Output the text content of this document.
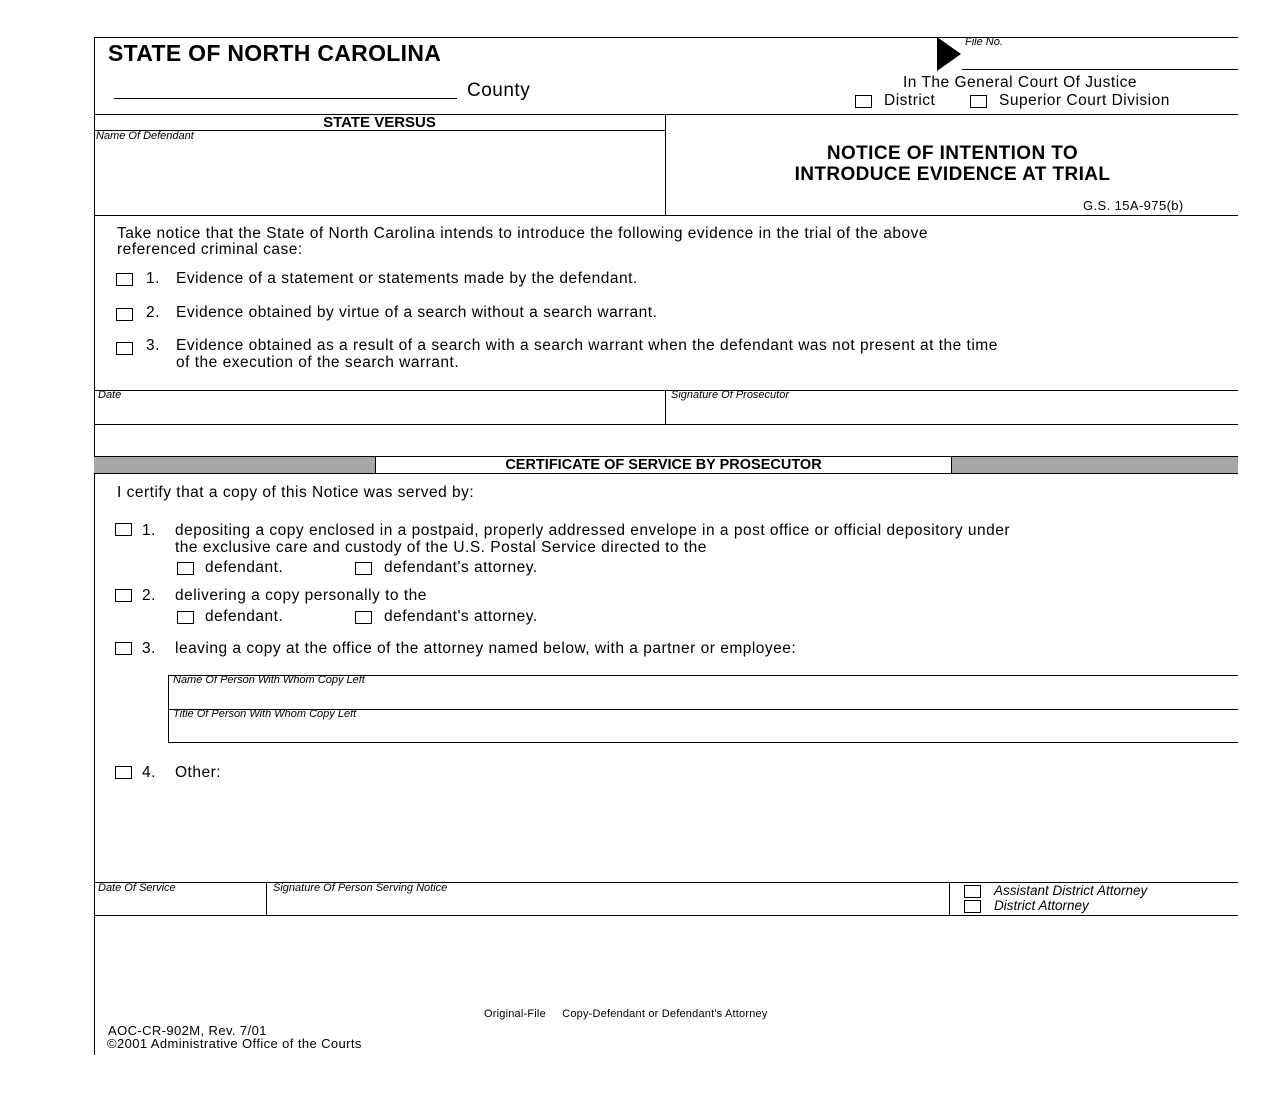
STATE OF NORTH CAROLINA
County
File No.
In The General Court Of Justice
District	Superior Court Division
STATE VERSUS
Name Of Defendant
NOTICE OF INTENTION TO
INTRODUCE EVIDENCE AT TRIAL
G.S. 15A-975(b)
Take notice that the State of North Carolina intends to introduce the following evidence in the trial of the above
referenced criminal case:
1. Evidence of a statement or statements made by the defendant.
2. Evidence obtained by virtue of a search without a search warrant.
3. Evidence obtained as a result of a search with a search warrant when the defendant was not present at the time
of the execution of the search warrant.
Date	Signature Of Prosecutor
CERTIFICATE OF SERVICE BY PROSECUTOR
I certify that a copy of this Notice was served by:
1. depositing a copy enclosed in a postpaid, properly addressed envelope in a post office or official depository under
the exclusive care and custody of the U.S. Postal Service directed to the
defendant.	defendant's attorney.
2. delivering a copy personally to the
defendant.	defendant's attorney.
3. leaving a copy at the office of the attorney named below, with a partner or employee:
Name Of Person With Whom Copy Left
Title Of Person With Whom Copy Left
4. Other:
Date Of Service	Signature Of Person Serving Notice	Assistant District Attorney
District Attorney
Original-File     Copy-Defendant or Defendant's Attorney
AOC-CR-902M, Rev. 7/01
©2001 Administrative Office of the Courts
